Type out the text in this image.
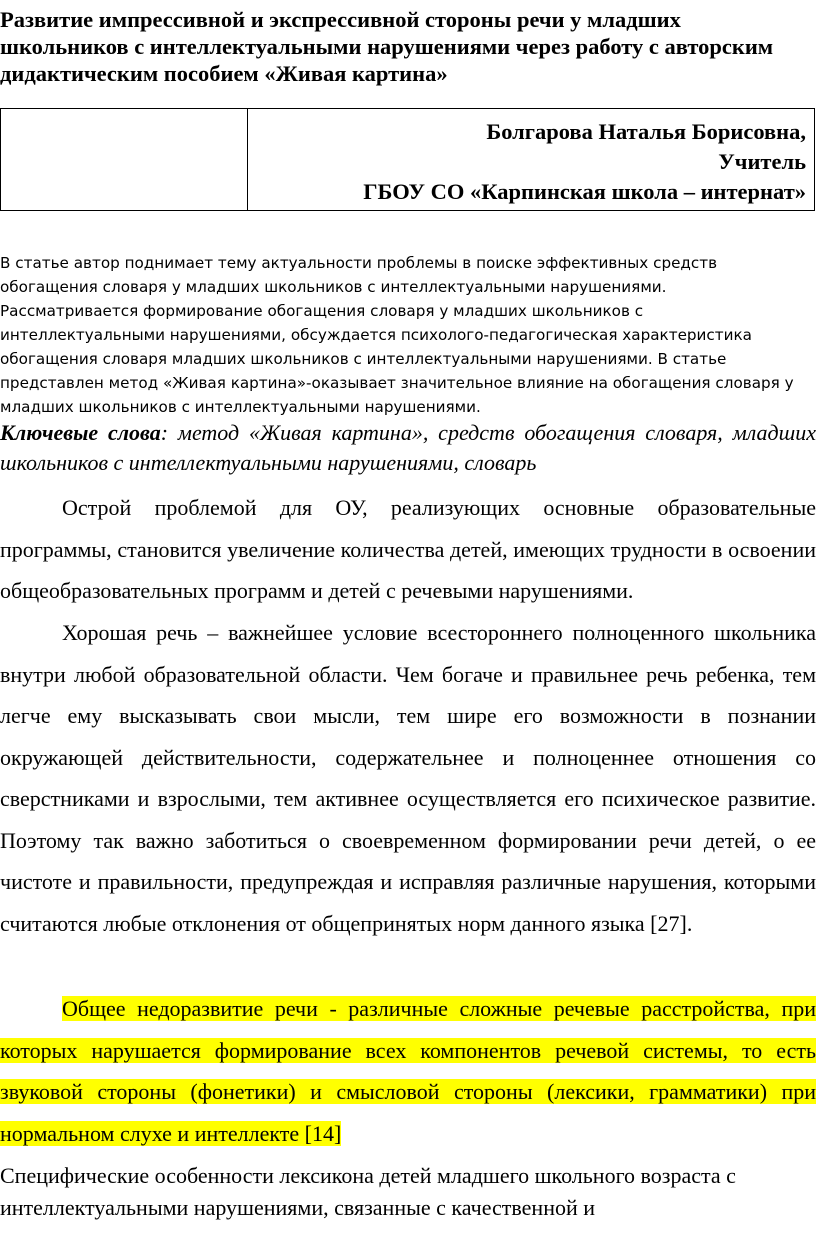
Развитие импрессивной и экспрессивной стороны речи у младших школьников с интеллектуальными нарушениями через работу с авторским дидактическим пособием «Живая картина»

Болгарова Наталья Борисовна,
Учитель
ГБОУ СО «Карпинская школа – интернат»

В статье автор поднимает тему актуальности проблемы в поиске эффективных средств обогащения словаря у младших школьников с интеллектуальными нарушениями. Рассматривается формирование обогащения словаря у младших школьников с интеллектуальными нарушениями, обсуждается психолого-педагогическая характеристика обогащения словаря младших школьников с интеллектуальными нарушениями. В статье представлен метод «Живая картина»-оказывает значительное влияние на обогащения словаря у младших школьников с интеллектуальными нарушениями.

Ключевые слова: метод «Живая картина», средств обогащения словаря, младших школьников с интеллектуальными нарушениями, словарь

Острой проблемой для ОУ, реализующих основные образовательные программы, становится увеличение количества детей, имеющих трудности в освоении общеобразовательных программ и детей с речевыми нарушениями.

Хорошая речь – важнейшее условие всестороннего полноценного школьника внутри любой образовательной области. Чем богаче и правильнее речь ребенка, тем легче ему высказывать свои мысли, тем шире его возможности в познании окружающей действительности, содержательнее и полноценнее отношения со сверстниками и взрослыми, тем активнее осуществляется его психическое развитие. Поэтому так важно заботиться о своевременном формировании речи детей, о ее чистоте и правильности, предупреждая и исправляя различные нарушения, которыми считаются любые отклонения от общепринятых норм данного языка [27].

Общее недоразвитие речи - различные сложные речевые расстройства, при которых нарушается формирование всех компонентов речевой системы, то есть звуковой стороны (фонетики) и смысловой стороны (лексики, грамматики) при нормальном слухе и интеллекте [14]

Специфические особенности лексикона детей младшего школьного возраста с интеллектуальными нарушениями, связанные с качественной и
